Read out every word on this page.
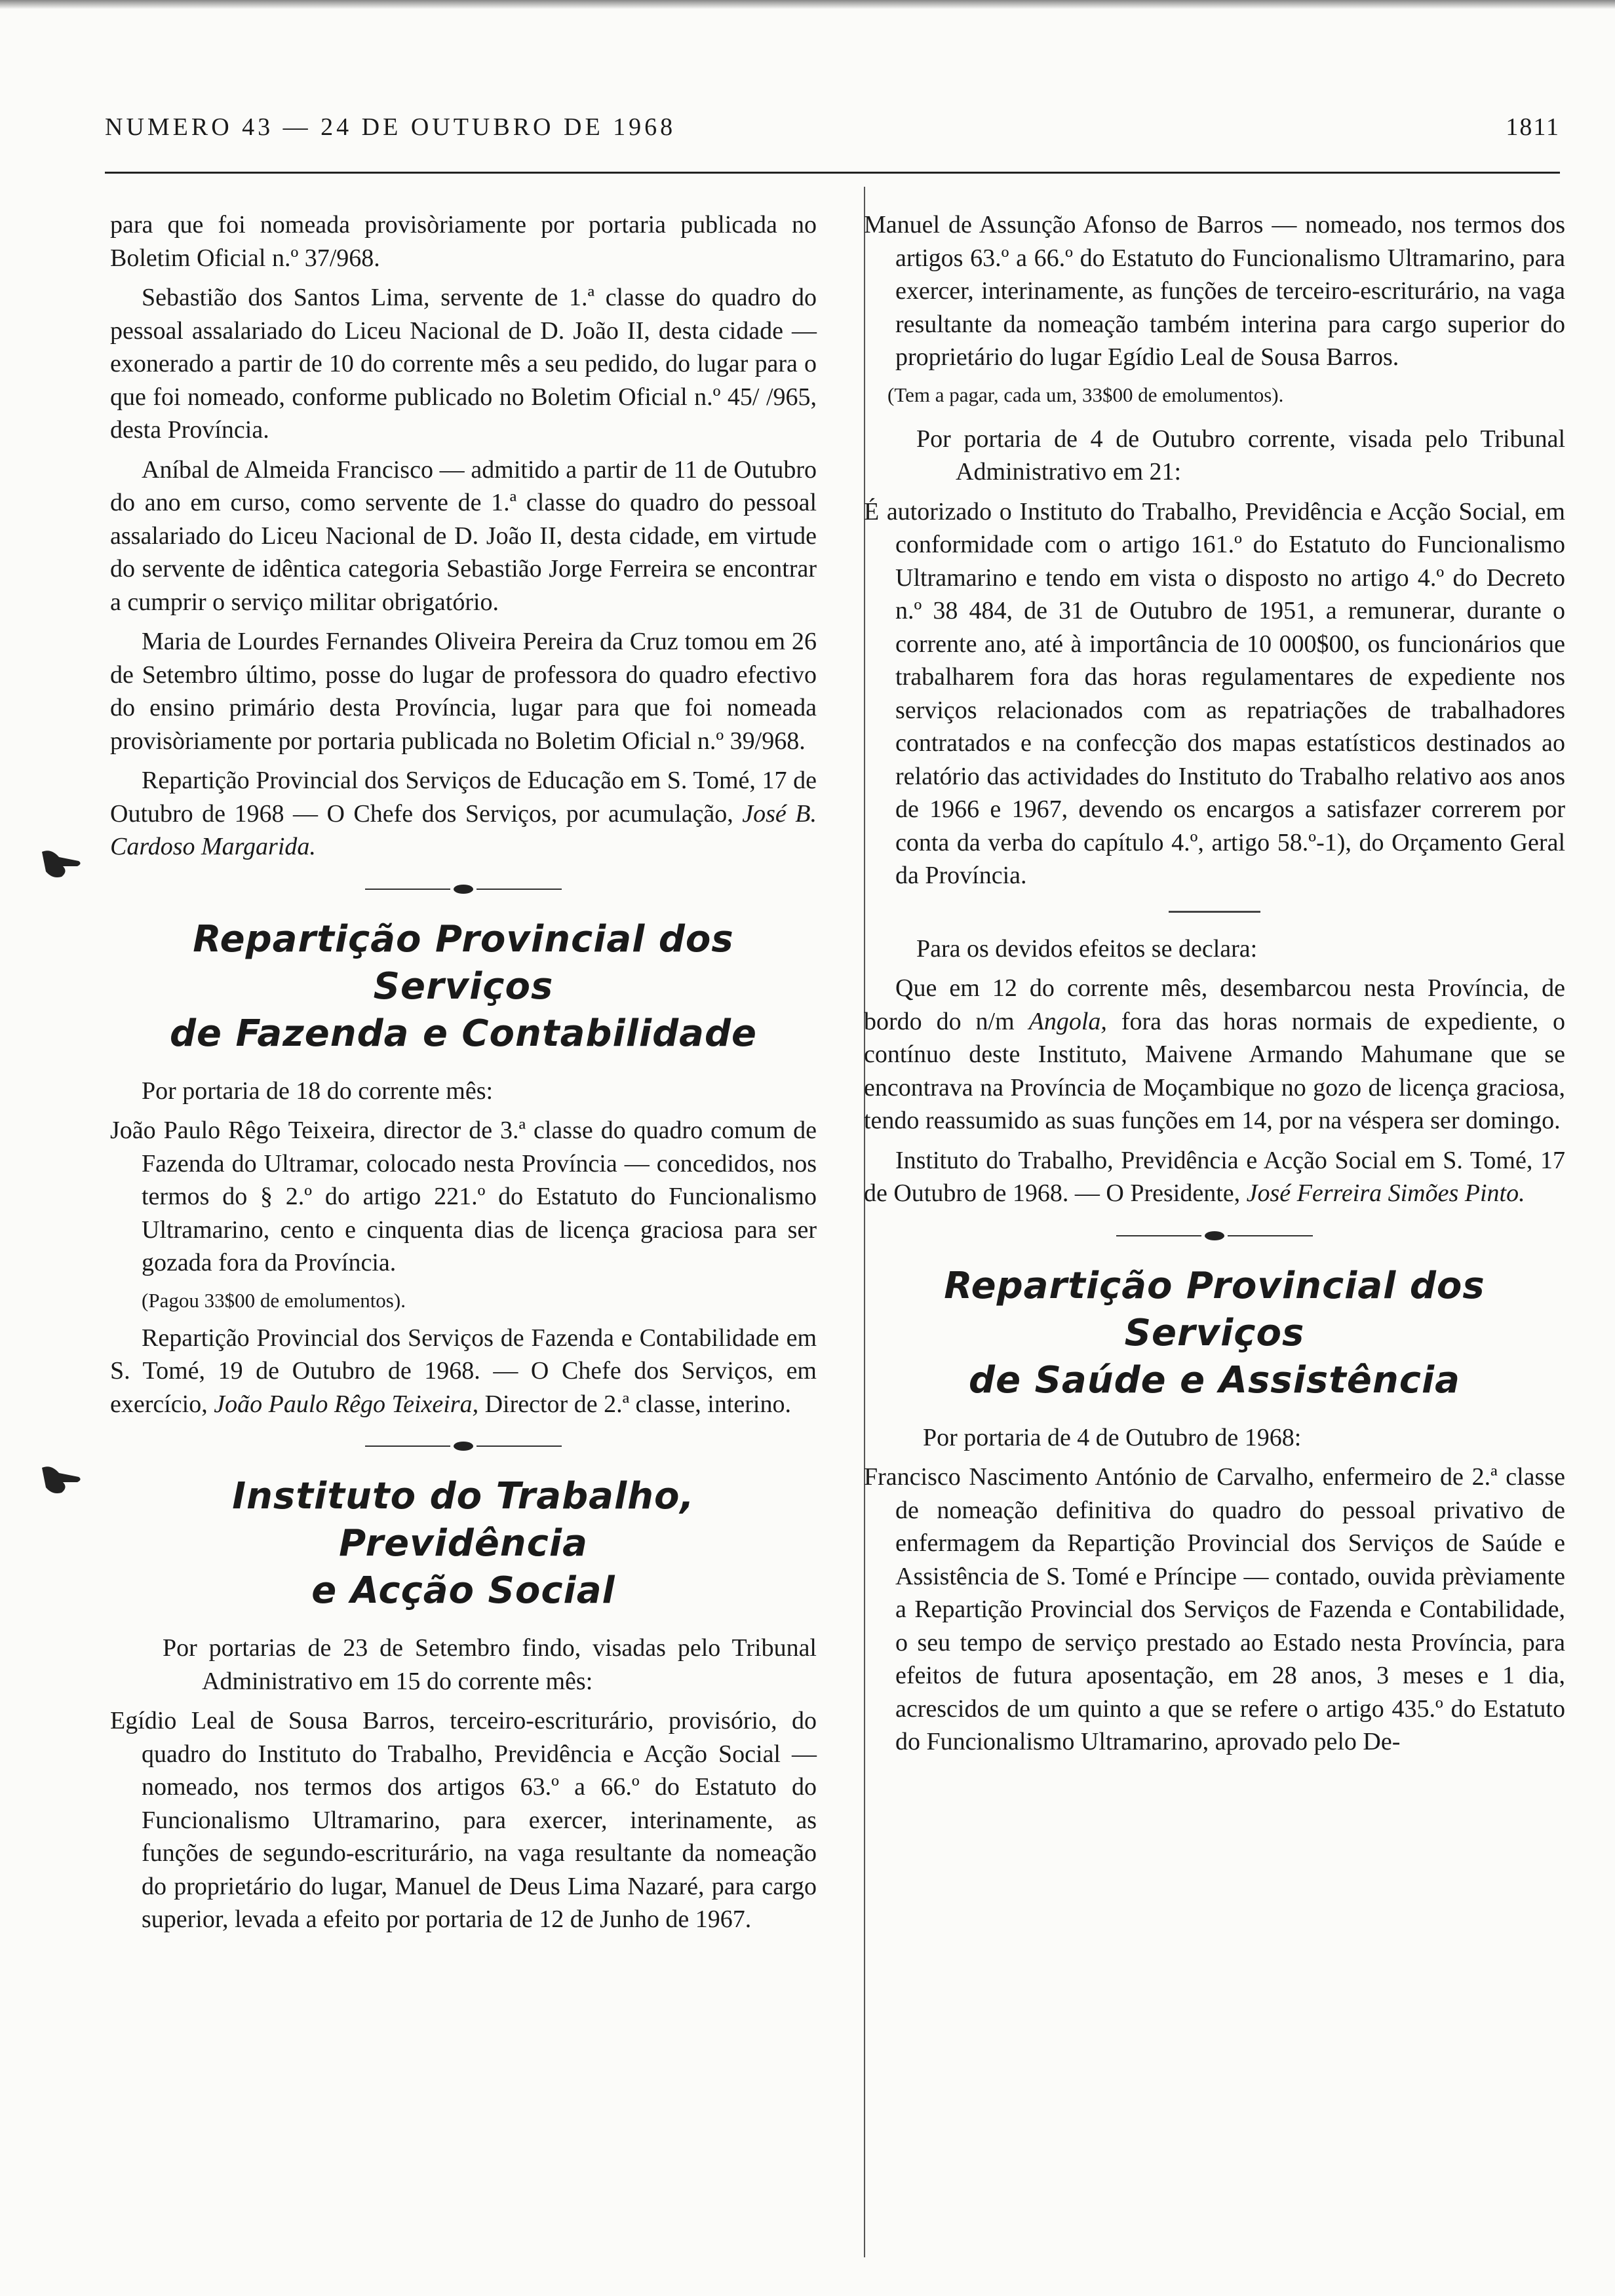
NUMERO 43 — 24 DE OUTUBRO DE 1968	1811

para que foi nomeada provisòriamente por portaria publicada no Boletim Oficial n.º 37/968.

Sebastião dos Santos Lima, servente de 1.ª classe do quadro do pessoal assalariado do Liceu Nacional de D. João II, desta cidade — exonerado a partir de 10 do corrente mês a seu pedido, do lugar para o que foi nomeado, conforme publicado no Boletim Oficial n.º 45/ /965, desta Província.

Aníbal de Almeida Francisco — admitido a partir de 11 de Outubro do ano em curso, como servente de 1.ª classe do quadro do pessoal assalariado do Liceu Nacional de D. João II, desta cidade, em virtude do servente de idêntica categoria Sebastião Jorge Ferreira se encontrar a cumprir o serviço militar obrigatório.

Maria de Lourdes Fernandes Oliveira Pereira da Cruz tomou em 26 de Setembro último, posse do lugar de professora do quadro efectivo do ensino primário desta Província, lugar para que foi nomeada provisòriamente por portaria publicada no Boletim Oficial n.º 39/968.

Repartição Provincial dos Serviços de Educação em S. Tomé, 17 de Outubro de 1968 — O Chefe dos Serviços, por acumulação, José B. Cardoso Margarida.

Repartição Provincial dos Serviços
de Fazenda e Contabilidade

Por portaria de 18 do corrente mês:

João Paulo Rêgo Teixeira, director de 3.ª classe do quadro comum de Fazenda do Ultramar, colocado nesta Província — concedidos, nos termos do § 2.º do artigo 221.º do Estatuto do Funcionalismo Ultramarino, cento e cinquenta dias de licença graciosa para ser gozada fora da Província.

(Pagou 33$00 de emolumentos).

Repartição Provincial dos Serviços de Fazenda e Contabilidade em S. Tomé, 19 de Outubro de 1968. — O Chefe dos Serviços, em exercício, João Paulo Rêgo Teixeira, Director de 2.ª classe, interino.

Instituto do Trabalho, Previdência
e Acção Social

Por portarias de 23 de Setembro findo, visadas pelo Tribunal Administrativo em 15 do corrente mês:

Egídio Leal de Sousa Barros, terceiro-escriturário, provisório, do quadro do Instituto do Trabalho, Previdência e Acção Social — nomeado, nos termos dos artigos 63.º a 66.º do Estatuto do Funcionalismo Ultramarino, para exercer, interinamente, as funções de segundo-escriturário, na vaga resultante da nomeação do proprietário do lugar, Manuel de Deus Lima Nazaré, para cargo superior, levada a efeito por portaria de 12 de Junho de 1967.

Manuel de Assunção Afonso de Barros — nomeado, nos termos dos artigos 63.º a 66.º do Estatuto do Funcionalismo Ultramarino, para exercer, interinamente, as funções de terceiro-escriturário, na vaga resultante da nomeação também interina para cargo superior do proprietário do lugar Egídio Leal de Sousa Barros.

(Tem a pagar, cada um, 33$00 de emolumentos).

Por portaria de 4 de Outubro corrente, visada pelo Tribunal Administrativo em 21:

É autorizado o Instituto do Trabalho, Previdência e Acção Social, em conformidade com o artigo 161.º do Estatuto do Funcionalismo Ultramarino e tendo em vista o disposto no artigo 4.º do Decreto n.º 38 484, de 31 de Outubro de 1951, a remunerar, durante o corrente ano, até à importância de 10 000$00, os funcionários que trabalharem fora das horas regulamentares de expediente nos serviços relacionados com as repatriações de trabalhadores contratados e na confecção dos mapas estatísticos destinados ao relatório das actividades do Instituto do Trabalho relativo aos anos de 1966 e 1967, devendo os encargos a satisfazer correrem por conta da verba do capítulo 4.º, artigo 58.º-1), do Orçamento Geral da Província.

Para os devidos efeitos se declara:

Que em 12 do corrente mês, desembarcou nesta Província, de bordo do n/m Angola, fora das horas normais de expediente, o contínuo deste Instituto, Maivene Armando Mahumane que se encontrava na Província de Moçambique no gozo de licença graciosa, tendo reassumido as suas funções em 14, por na véspera ser domingo.

Instituto do Trabalho, Previdência e Acção Social em S. Tomé, 17 de Outubro de 1968. — O Presidente, José Ferreira Simões Pinto.

Repartição Provincial dos Serviços
de Saúde e Assistência

Por portaria de 4 de Outubro de 1968:

Francisco Nascimento António de Carvalho, enfermeiro de 2.ª classe de nomeação definitiva do quadro do pessoal privativo de enfermagem da Repartição Provincial dos Serviços de Saúde e Assistência de S. Tomé e Príncipe — contado, ouvida prèviamente a Repartição Provincial dos Serviços de Fazenda e Contabilidade, o seu tempo de serviço prestado ao Estado nesta Província, para efeitos de futura aposentação, em 28 anos, 3 meses e 1 dia, acrescidos de um quinto a que se refere o artigo 435.º do Estatuto do Funcionalismo Ultramarino, aprovado pelo De-
